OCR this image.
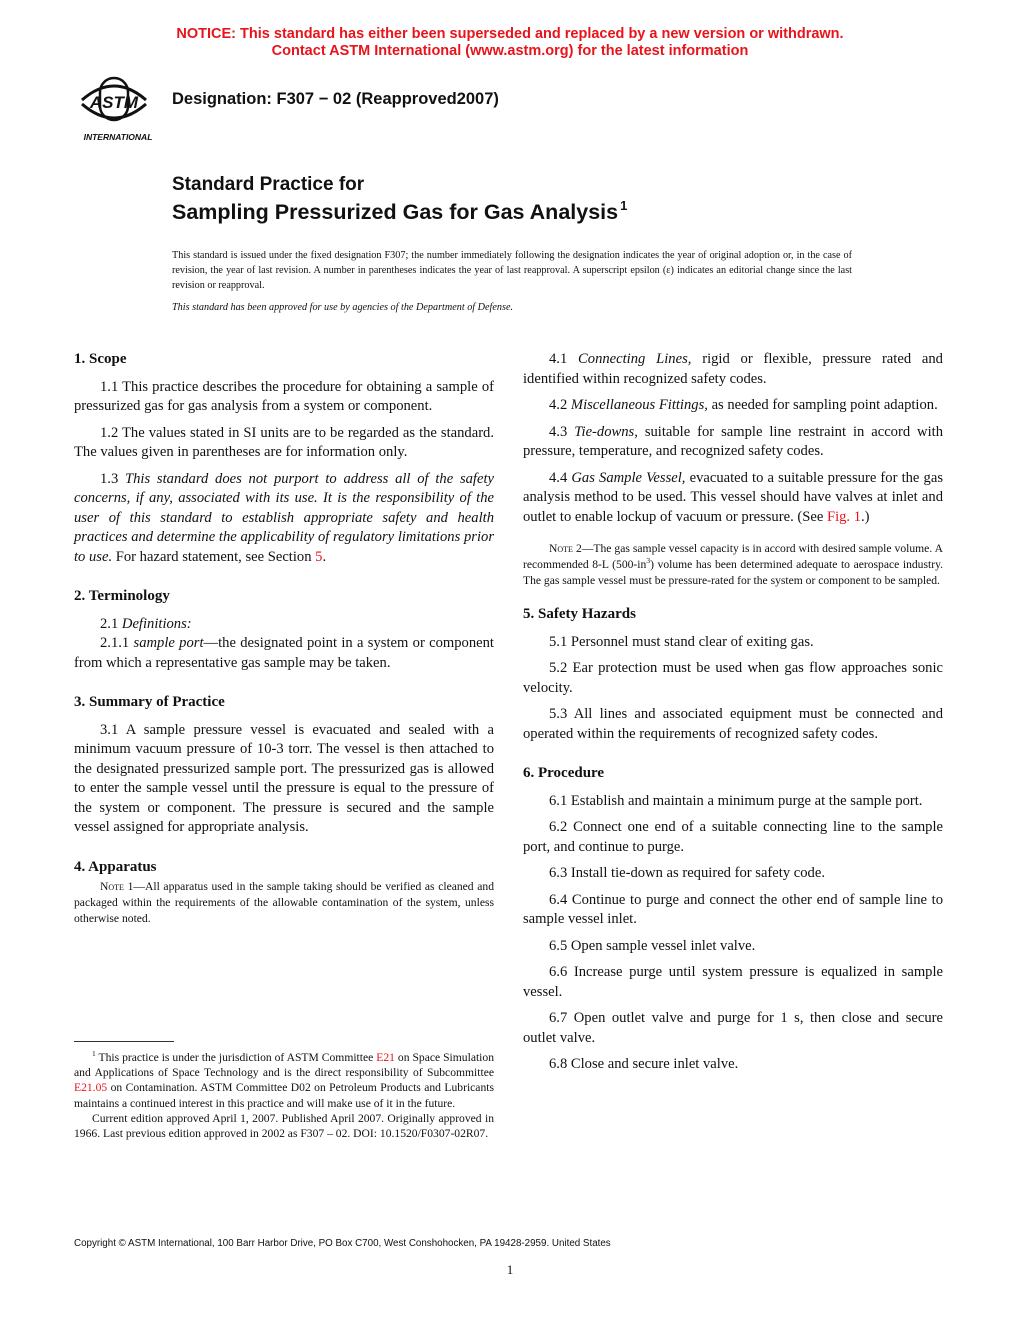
NOTICE: This standard has either been superseded and replaced by a new version or withdrawn.
Contact ASTM International (www.astm.org) for the latest information
ASTM
INTERNATIONAL
Designation: F307 − 02 (Reapproved2007)
Standard Practice for
Sampling Pressurized Gas for Gas Analysis $^1$
This standard is issued under the fixed designation F307; the number immediately following the designation indicates the year of original adoption or, in the case of revision, the year of last revision. A number in parentheses indicates the year of last reapproval. A superscript epsilon (ε) indicates an editorial change since the last revision or reapproval.
This standard has been approved for use by agencies of the Department of Defense.
1. Scope

1.1 This practice describes the procedure for obtaining a sample of pressurized gas for gas analysis from a system or component.

1.2 The values stated in SI units are to be regarded as the standard. The values given in parentheses are for information only.

1.3 This standard does not purport to address all of the safety concerns, if any, associated with its use. It is the responsibility of the user of this standard to establish appropriate safety and health practices and determine the applicability of regulatory limitations prior to use. For hazard statement, see Section 5.

2. Terminology

2.1 Definitions:

2.1.1 sample port—the designated point in a system or component from which a representative gas sample may be taken.

3. Summary of Practice

3.1 A sample pressure vessel is evacuated and sealed with a minimum vacuum pressure of 10-3 torr. The vessel is then attached to the designated pressurized sample port. The pressurized gas is allowed to enter the sample vessel until the pressure is equal to the pressure of the system or component. The pressure is secured and the sample vessel assigned for appropriate analysis.

4. Apparatus

Note 1—All apparatus used in the sample taking should be verified as cleaned and packaged within the requirements of the allowable contamination of the system, unless otherwise noted.

$^1$ This practice is under the jurisdiction of ASTM Committee E21 on Space Simulation and Applications of Space Technology and is the direct responsibility of Subcommittee E21.05 on Contamination. ASTM Committee D02 on Petroleum Products and Lubricants maintains a continued interest in this practice and will make use of it in the future.

Current edition approved April 1, 2007. Published April 2007. Originally approved in 1966. Last previous edition approved in 2002 as F307 – 02. DOI: 10.1520/F0307-02R07.

4.1 Connecting Lines, rigid or flexible, pressure rated and identified within recognized safety codes.

4.2 Miscellaneous Fittings, as needed for sampling point adaption.

4.3 Tie-downs, suitable for sample line restraint in accord with pressure, temperature, and recognized safety codes.

4.4 Gas Sample Vessel, evacuated to a suitable pressure for the gas analysis method to be used. This vessel should have valves at inlet and outlet to enable lockup of vacuum or pressure. (See Fig. 1.)

Note 2—The gas sample vessel capacity is in accord with desired sample volume. A recommended 8-L $(500-in^3)$ volume has been determined adequate to aerospace industry. The gas sample vessel must be pressure-rated for the system or component to be sampled.

5. Safety Hazards

5.1 Personnel must stand clear of exiting gas.

5.2 Ear protection must be used when gas flow approaches sonic velocity.

5.3 All lines and associated equipment must be connected and operated within the requirements of recognized safety codes.

6. Procedure

6.1 Establish and maintain a minimum purge at the sample port.

6.2 Connect one end of a suitable connecting line to the sample port, and continue to purge.

6.3 Install tie-down as required for safety code.

6.4 Continue to purge and connect the other end of sample line to sample vessel inlet.

6.5 Open sample vessel inlet valve.

6.6 Increase purge until system pressure is equalized in sample vessel.

6.7 Open outlet valve and purge for 1 s, then close and secure outlet valve.

6.8 Close and secure inlet valve.

Copyright © ASTM International, 100 Barr Harbor Drive, PO Box C700, West Conshohocken, PA 19428-2959. United States
1
